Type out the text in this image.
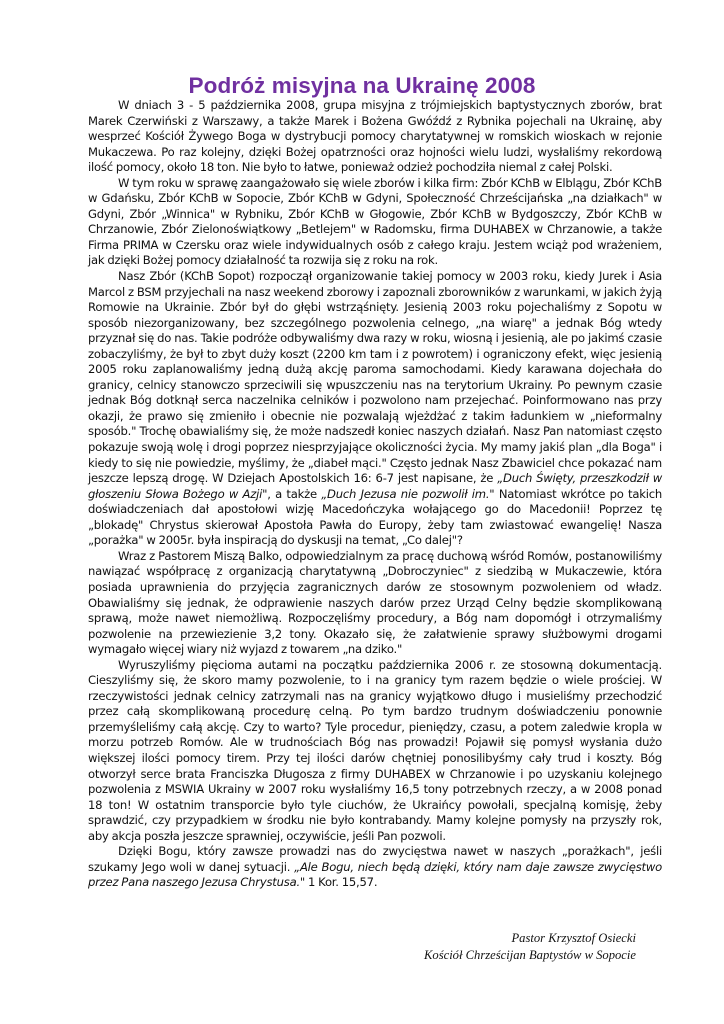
Podróż misyjna na Ukrainę 2008

W dniach 3 - 5 października 2008, grupa misyjna z trójmiejskich baptystycznych zborów, brat Marek Czerwiński z Warszawy, a także Marek i Bożena Gwóźdź z Rybnika pojechali na Ukrainę, aby wesprzeć Kościół Żywego Boga w dystrybucji pomocy charytatywnej w romskich wioskach w rejonie Mukaczewa. Po raz kolejny, dzięki Bożej opatrzności oraz hojności wielu ludzi, wysłaliśmy rekordową ilość pomocy, około 18 ton. Nie było to łatwe, ponieważ odzież pochodziła niemal z całej Polski.

W tym roku w sprawę zaangażowało się wiele zborów i kilka firm: Zbór KChB w Elblągu, Zbór KChB w Gdańsku, Zbór KChB w Sopocie, Zbór KChB w Gdyni, Społeczność Chrześcijańska „na działkach" w Gdyni, Zbór „Winnica" w Rybniku, Zbór KChB w Głogowie, Zbór KChB w Bydgoszczy, Zbór KChB w Chrzanowie, Zbór Zielonoświątkowy „Betlejem" w Radomsku, firma DUHABEX w Chrzanowie, a także Firma PRIMA w Czersku oraz wiele indywidualnych osób z całego kraju. Jestem wciąż pod wrażeniem, jak dzięki Bożej pomocy działalność ta rozwija się z roku na rok.

Nasz Zbór (KChB Sopot) rozpoczął organizowanie takiej pomocy w 2003 roku, kiedy Jurek i Asia Marcol z BSM przyjechali na nasz weekend zborowy i zapoznali zborowników z warunkami, w jakich żyją Romowie na Ukrainie. Zbór był do głębi wstrząśnięty. Jesienią 2003 roku pojechaliśmy z Sopotu w sposób niezorganizowany, bez szczególnego pozwolenia celnego, „na wiarę" a jednak Bóg wtedy przyznał się do nas. Takie podróże odbywaliśmy dwa razy w roku, wiosną i jesienią, ale po jakimś czasie zobaczyliśmy, że był to zbyt duży koszt (2200 km tam i z powrotem) i ograniczony efekt, więc jesienią 2005 roku zaplanowaliśmy jedną dużą akcję paroma samochodami. Kiedy karawana dojechała do granicy, celnicy stanowczo sprzeciwili się wpuszczeniu nas na terytorium Ukrainy. Po pewnym czasie jednak Bóg dotknął serca naczelnika celników i pozwolono nam przejechać. Poinformowano nas przy okazji, że prawo się zmieniło i obecnie nie pozwalają wjeżdżać z takim ładunkiem w „nieformalny sposób." Trochę obawialiśmy się, że może nadszedł koniec naszych działań. Nasz Pan natomiast często pokazuje swoją wolę i drogi poprzez niesprzyjające okoliczności życia. My mamy jakiś plan „dla Boga" i kiedy to się nie powiedzie, myślimy, że „diabeł mąci." Często jednak Nasz Zbawiciel chce pokazać nam jeszcze lepszą drogę. W Dziejach Apostolskich 16: 6-7 jest napisane, że „Duch Święty, przeszkodził w głoszeniu Słowa Bożego w Azji", a także „Duch Jezusa nie pozwolił im." Natomiast wkrótce po takich doświadczeniach dał apostołowi wizję Macedończyka wołającego go do Macedonii! Poprzez tę „blokadę" Chrystus skierował Apostoła Pawła do Europy, żeby tam zwiastować ewangelię! Nasza „porażka" w 2005r. była inspiracją do dyskusji na temat, „Co dalej"?

Wraz z Pastorem Miszą Balko, odpowiedzialnym za pracę duchową wśród Romów, postanowiliśmy nawiązać współpracę z organizacją charytatywną „Dobroczyniec" z siedzibą w Mukaczewie, która posiada uprawnienia do przyjęcia zagranicznych darów ze stosownym pozwoleniem od władz. Obawialiśmy się jednak, że odprawienie naszych darów przez Urząd Celny będzie skomplikowaną sprawą, może nawet niemożliwą. Rozpoczęliśmy procedury, a Bóg nam dopomógł i otrzymaliśmy pozwolenie na przewiezienie 3,2 tony. Okazało się, że załatwienie sprawy służbowymi drogami wymagało więcej wiary niż wyjazd z towarem „na dziko."

Wyruszyliśmy pięcioma autami na początku października 2006 r. ze stosowną dokumentacją. Cieszyliśmy się, że skoro mamy pozwolenie, to i na granicy tym razem będzie o wiele prościej. W rzeczywistości jednak celnicy zatrzymali nas na granicy wyjątkowo długo i musieliśmy przechodzić przez całą skomplikowaną procedurę celną. Po tym bardzo trudnym doświadczeniu ponownie przemyśleliśmy całą akcję. Czy to warto? Tyle procedur, pieniędzy, czasu, a potem zaledwie kropla w morzu potrzeb Romów. Ale w trudnościach Bóg nas prowadzi! Pojawił się pomysł wysłania dużo większej ilości pomocy tirem. Przy tej ilości darów chętniej ponosilibyśmy cały trud i koszty. Bóg otworzył serce brata Franciszka Długosza z firmy DUHABEX w Chrzanowie i po uzyskaniu kolejnego pozwolenia z MSWIA Ukrainy w 2007 roku wysłaliśmy 16,5 tony potrzebnych rzeczy, a w 2008 ponad 18 ton! W ostatnim transporcie było tyle ciuchów, że Ukraińcy powołali, specjalną komisję, żeby sprawdzić, czy przypadkiem w środku nie było kontrabandy. Mamy kolejne pomysły na przyszły rok, aby akcja poszła jeszcze sprawniej, oczywiście, jeśli Pan pozwoli.

Dzięki Bogu, który zawsze prowadzi nas do zwycięstwa nawet w naszych „porażkach", jeśli szukamy Jego woli w danej sytuacji. „Ale Bogu, niech będą dzięki, który nam daje zawsze zwycięstwo przez Pana naszego Jezusa Chrystusa." 1 Kor. 15,57.

Pastor Krzysztof Osiecki
Kościół Chrześcijan Baptystów w Sopocie
